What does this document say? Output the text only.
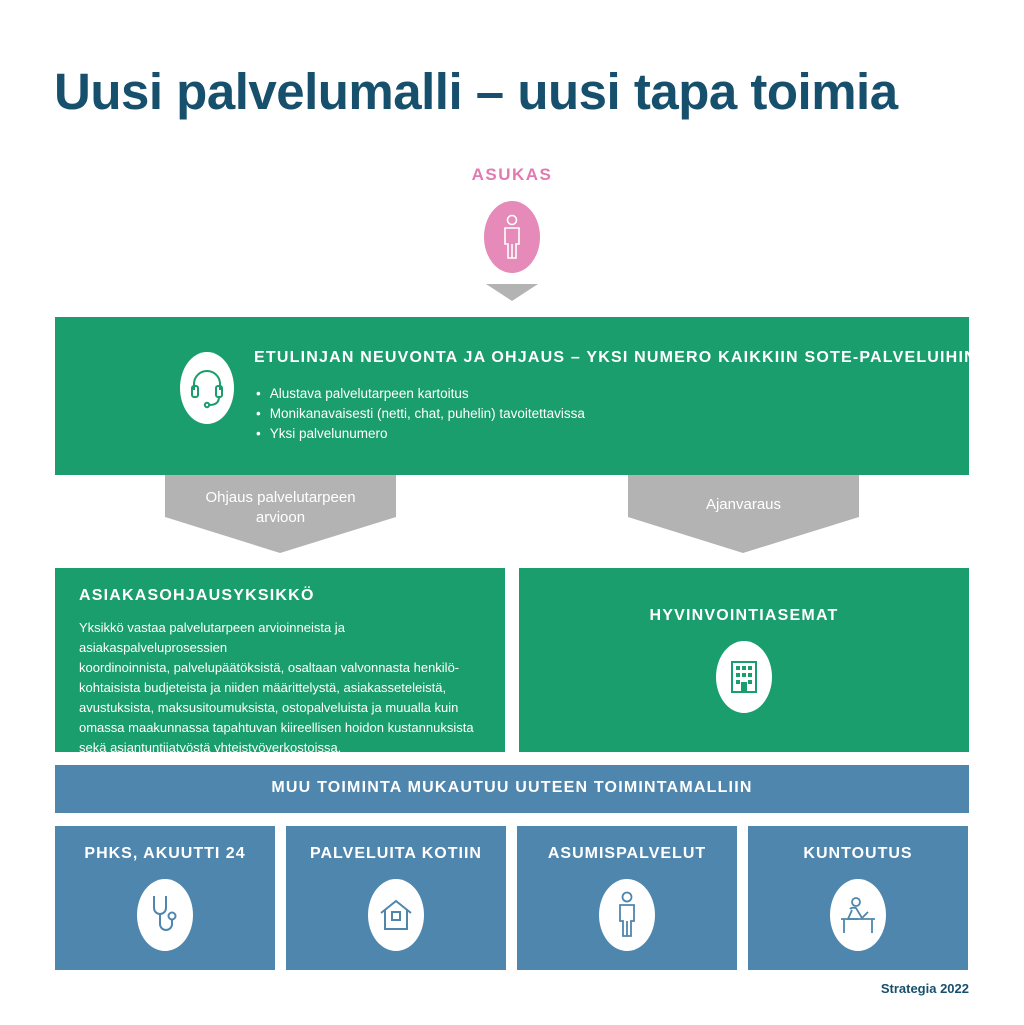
Uusi palvelumalli – uusi tapa toimia
ASUKAS
ETULINJAN NEUVONTA JA OHJAUS – YKSI NUMERO KAIKKIIN SOTE-PALVELUIHIN
• Alustava palvelutarpeen kartoitus
• Monikanavaisesti (netti, chat, puhelin) tavoitettavissa
• Yksi palvelunumero
Ohjaus palvelutarpeen
arvioon
Ajanvaraus
ASIAKASOHJAUSYKSIKKÖ
Yksikkö vastaa palvelutarpeen arvioinneista ja asiakaspalveluprosessien
koordinoinnista, palvelupäätöksistä, osaltaan valvonnasta henkilö-
kohtaisista budjeteista ja niiden määrittelystä, asiakasseteleistä,
avustuksista, maksusitoumuksista, ostopalveluista ja muualla kuin
omassa maakunnassa tapahtuvan kiireellisen hoidon kustannuksista
sekä asiantuntijatyöstä yhteistyöverkostoissa.
HYVINVOINTIASEMAT
MUU TOIMINTA MUKAUTUU UUTEEN TOIMINTAMALLIIN
PHKS, AKUUTTI 24	PALVELUITA KOTIIN	ASUMISPALVELUT	KUNTOUTUS
Strategia 2022
